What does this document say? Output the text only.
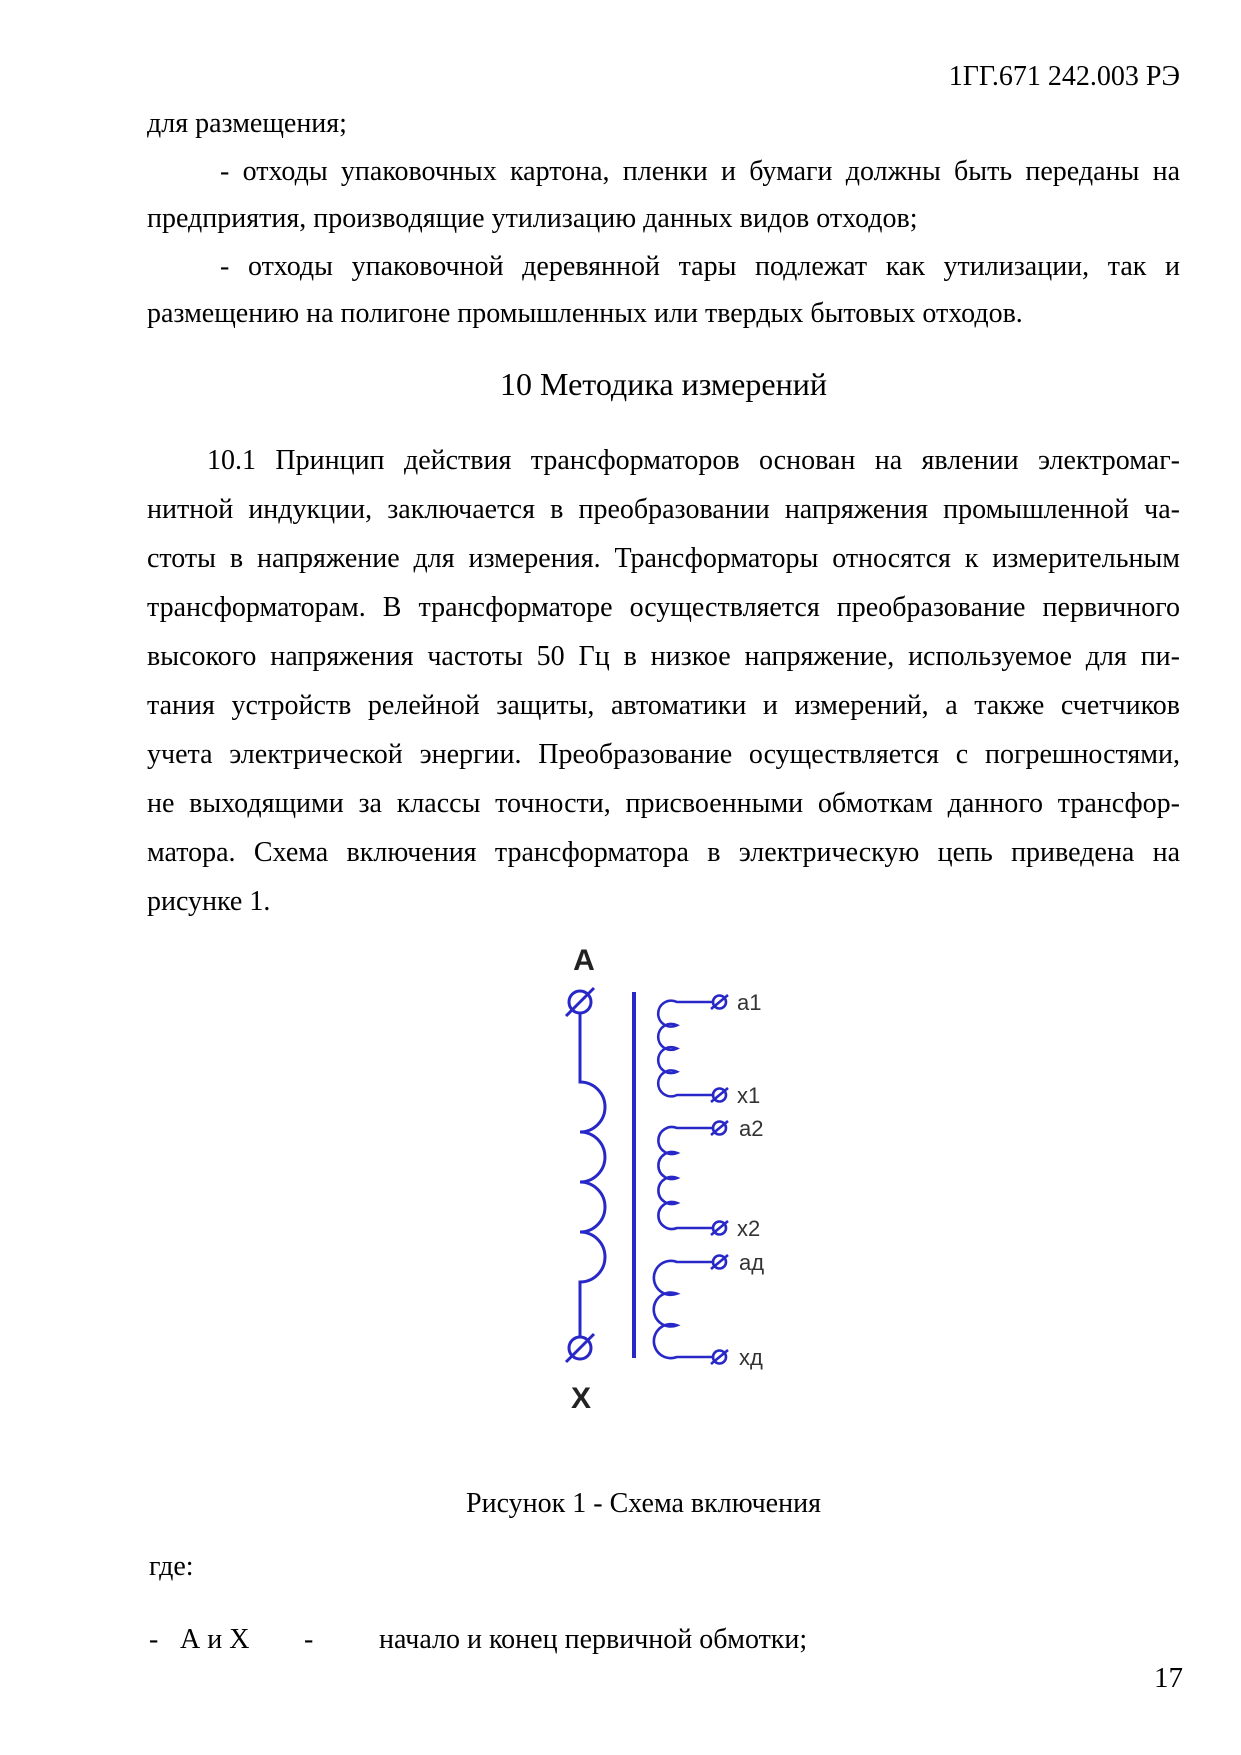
1ГГ.671 242.003 РЭ
для размещения;
- отходы упаковочных картона, пленки и бумаги должны быть переданы на
предприятия, производящие утилизацию данных видов отходов;
- отходы упаковочной деревянной тары подлежат как утилизации, так и
размещению на полигоне промышленных или твердых бытовых отходов.
10 Методика измерений
10.1 Принцип действия трансформаторов основан на явлении электромаг-
нитной индукции, заключается в преобразовании напряжения промышленной ча-
стоты в напряжение для измерения. Трансформаторы относятся к измерительным
трансформаторам. В трансформаторе осуществляется преобразование первичного
высокого напряжения частоты 50 Гц в низкое напряжение, используемое для пи-
тания устройств релейной защиты, автоматики и измерений, а также счетчиков
учета электрической энергии. Преобразование осуществляется с погрешностями,
не выходящими за классы точности, присвоенными обмоткам данного трансфор-
матора. Схема включения трансформатора в электрическую цепь приведена на
рисунке 1.
А
Х
a1
x1
a2
x2
ад
хд
Рисунок 1 - Схема включения
где:
- А и Х - начало и конец первичной обмотки;
17
